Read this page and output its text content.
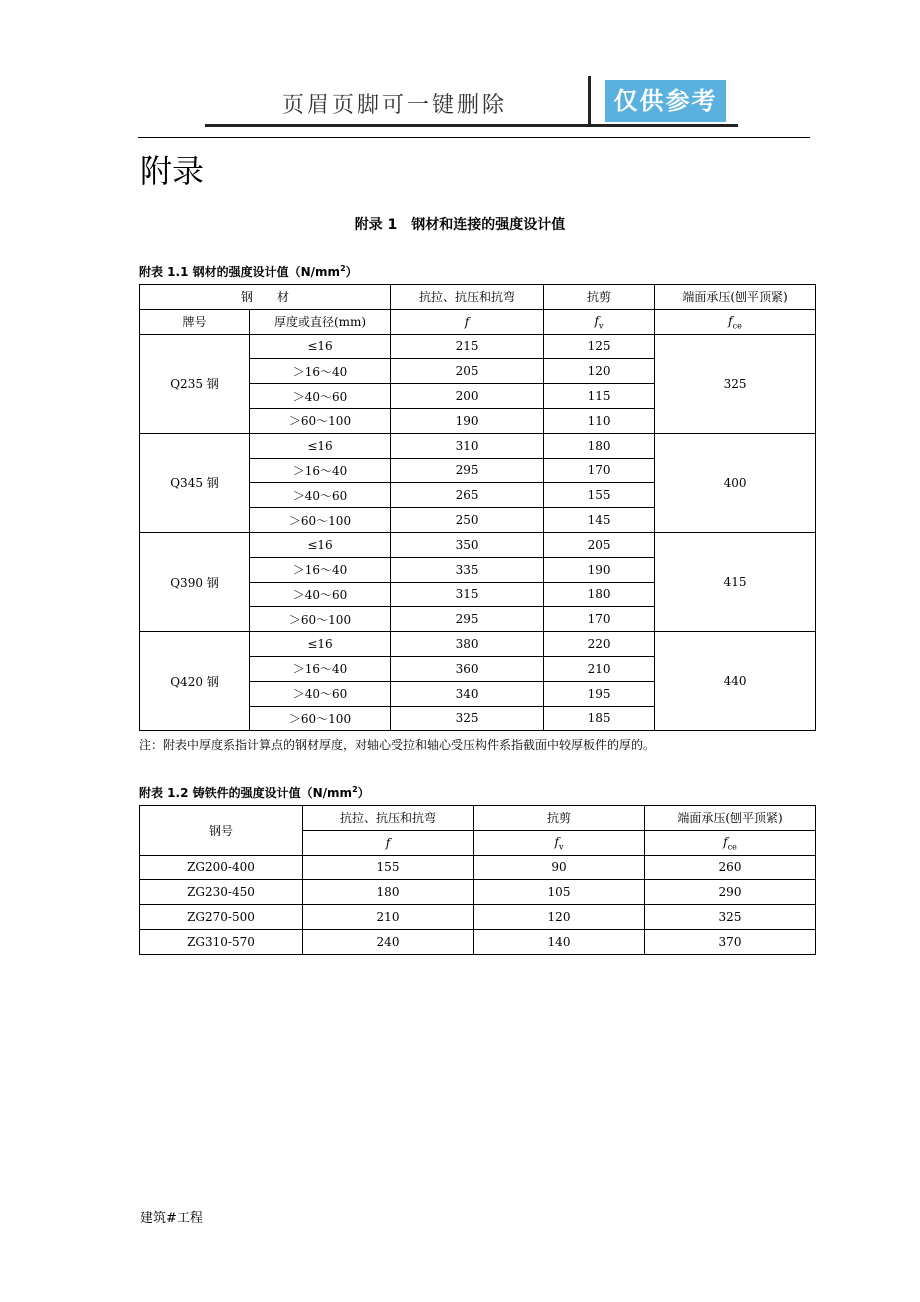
页眉页脚可一键删除	仅供参考
附录
附录 1　钢材和连接的强度设计值
附表 1.1 钢材的强度设计值$(N/mm^2)$
钢　　材		抗拉、抗压和抗弯	抗剪	端面承压(刨平顶紧)
牌号	厚度或直径(mm)	f	$f_v$	$f_{ce}$
Q235 钢	≤16	215	125	325
	＞16～40	205	120	
	＞40～60	200	115	
	＞60～100	190	110	
Q345 钢	≤16	310	180	400
	＞16～40	295	170	
	＞40～60	265	155	
	＞60～100	250	145	
Q390 钢	≤16	350	205	415
	＞16～40	335	190	
	＞40～60	315	180	
	＞60～100	295	170	
Q420 钢	≤16	380	220	440
	＞16～40	360	210	
	＞40～60	340	195	
	＞60～100	325	185	
注：附表中厚度系指计算点的钢材厚度，对轴心受拉和轴心受压构件系指截面中较厚板件的厚的。
附表 1.2 铸铁件的强度设计值$(N/mm^2)$
钢号	抗拉、抗压和抗弯	抗剪	端面承压(刨平顶紧)
	f	$f_v$	$f_{ce}$
ZG200-400	155	90	260
ZG230-450	180	105	290
ZG270-500	210	120	325
ZG310-570	240	140	370
建筑#工程
